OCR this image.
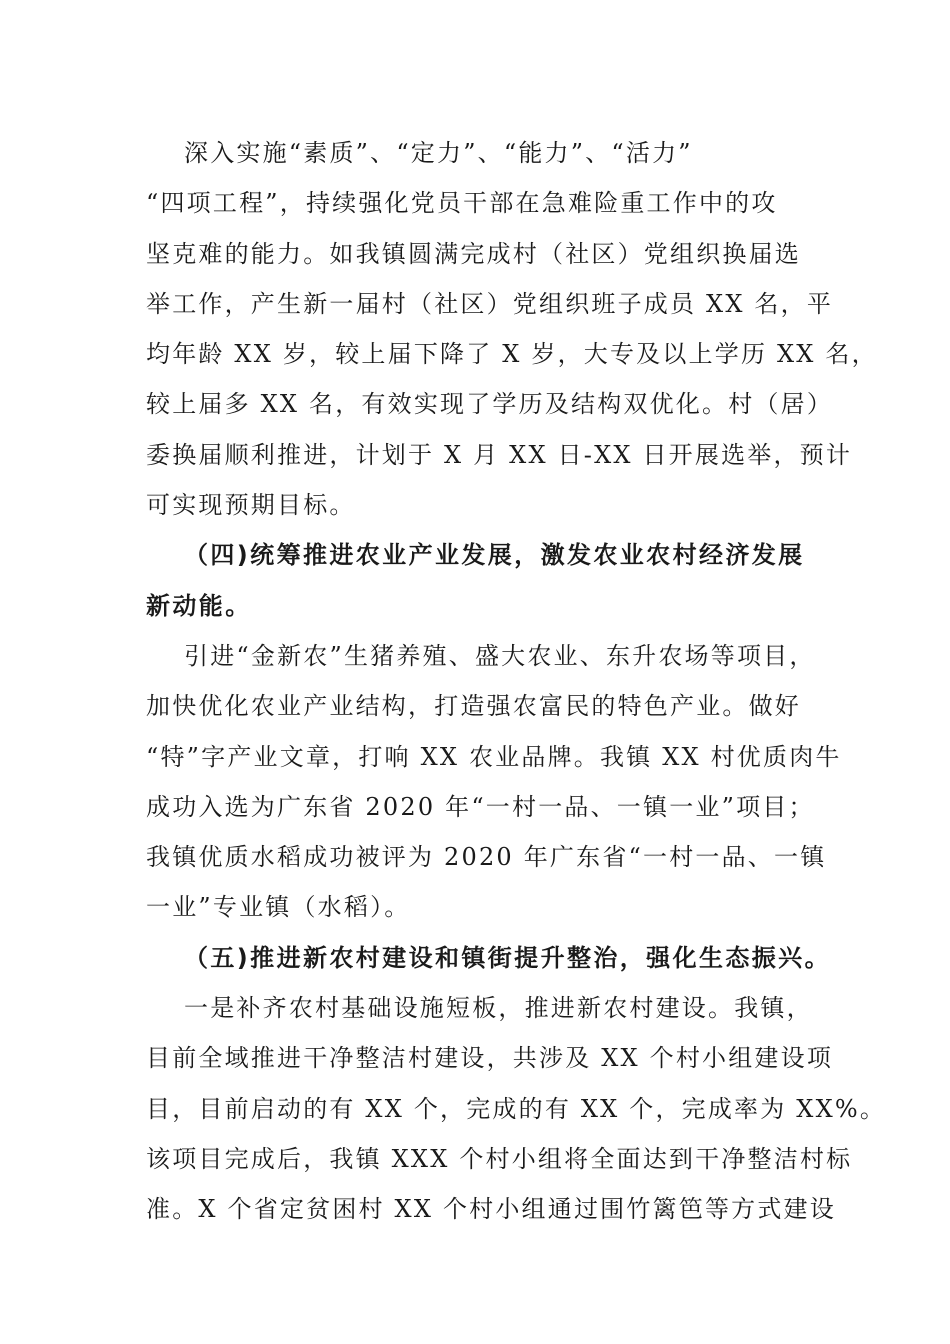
深入实施“素质”、“定力”、“能力”、“活力”
“四项工程”，持续强化党员干部在急难险重工作中的攻
坚克难的能力。如我镇圆满完成村（社区）党组织换届选
举工作，产生新一届村（社区）党组织班子成员 XX 名，平
均年龄 XX 岁，较上届下降了 X 岁，大专及以上学历 XX 名，
较上届多 XX 名，有效实现了学历及结构双优化。村（居）
委换届顺利推进，计划于 X 月 XX 日-XX 日开展选举，预计
可实现预期目标。
（四)统筹推进农业产业发展，激发农业农村经济发展
新动能。
引进“金新农”生猪养殖、盛大农业、东升农场等项目，
加快优化农业产业结构，打造强农富民的特色产业。做好
“特”字产业文章，打响 XX 农业品牌。我镇 XX 村优质肉牛
成功入选为广东省 2020 年“一村一品、一镇一业”项目；
我镇优质水稻成功被评为 2020 年广东省“一村一品、一镇
一业”专业镇（水稻）。
（五)推进新农村建设和镇街提升整治，强化生态振兴。
一是补齐农村基础设施短板，推进新农村建设。我镇，
目前全域推进干净整洁村建设，共涉及 XX 个村小组建设项
目，目前启动的有 XX 个，完成的有 XX 个，完成率为 XX%。
该项目完成后，我镇 XXX 个村小组将全面达到干净整洁村标
准。X 个省定贫困村 XX 个村小组通过围竹篱笆等方式建设
